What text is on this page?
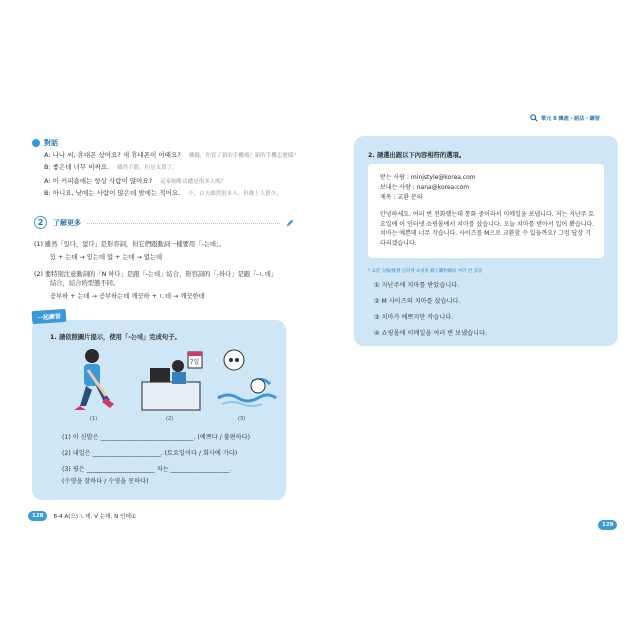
單元 8 韓流・語法・練習
對話
A: 나나 씨, 휴대폰 샀어요? 새 휴대폰이 어때요? 娜娜，你買了新的手機嗎？新的手機怎麼樣？
B: 좋은데 너무 비싸요. 雖然不錯，但是太貴了。
A: 이 커피숍에는 항상 사람이 많아요? 這家咖啡店總是很多人嗎？
B: 아니요, 낮에는 사람이 많은데 밤에는 적어요. 不，白天雖然很多人，但晚上人很少。
2	了解更多
(1) 雖然「있다，없다」是形容詞，但它們跟動詞一樣要用「-는데」。
있 + 는데 → 있는데 없 + 는데 → 없는데
(2) 要特別注意動詞的「N 하다」是跟「-는데」結合，形容詞的「-하다」是跟「-ㄴ데」
結合，結合的型態不同。
공부하 + 는데 → 공부하는데 깨끗하 + ㄴ데 → 깨끗한데
1. 請依照圖片提示，使用「-는데」完成句子。
(1)
7일
(2)	(3)
(1) 이 신발은 ______________________________. (예쁘다 / 불편하다)
(2) 내일은 ______________________. (토요일이다 / 회사에 가다)
(3) 평은 ______________________ 저는 ___________________.
(수영을 잘하다 / 수영을 못하다)
一起練習
2. 請選出跟以下內容相符的選項。
받는 사람 : minjstyle@korea.com
보내는 사람 : nana@korea.com
제목 : 교환 문의
안녕하세요. 여러 번 전화했는데 통화 중이라서 이메일을 보냅니다. 저는 지난주 토요일에 이 인터넷 쇼핑몰에서 치마를 샀습니다. 오늘 치마를 받아서 입어 봤습니다. 치마는 예쁜데 너무 작습니다. 사이즈를 M으로 교환할 수 있을까요? 그럼 답장 기다리겠습니다.
* 교환 交換/換貨 인터넷 쇼핑몰 網上購物網站 여러 번 多次
① 지난주에 치마를 받았습니다.
② M 사이즈의 치마를 샀습니다.
③ 치마가 예쁘지만 작습니다.
④ 쇼핑몰에 이메일을 여러 번 보냈습니다.
128	8-4 A(으) ㄴ데, V 는데, N 인데①
129
